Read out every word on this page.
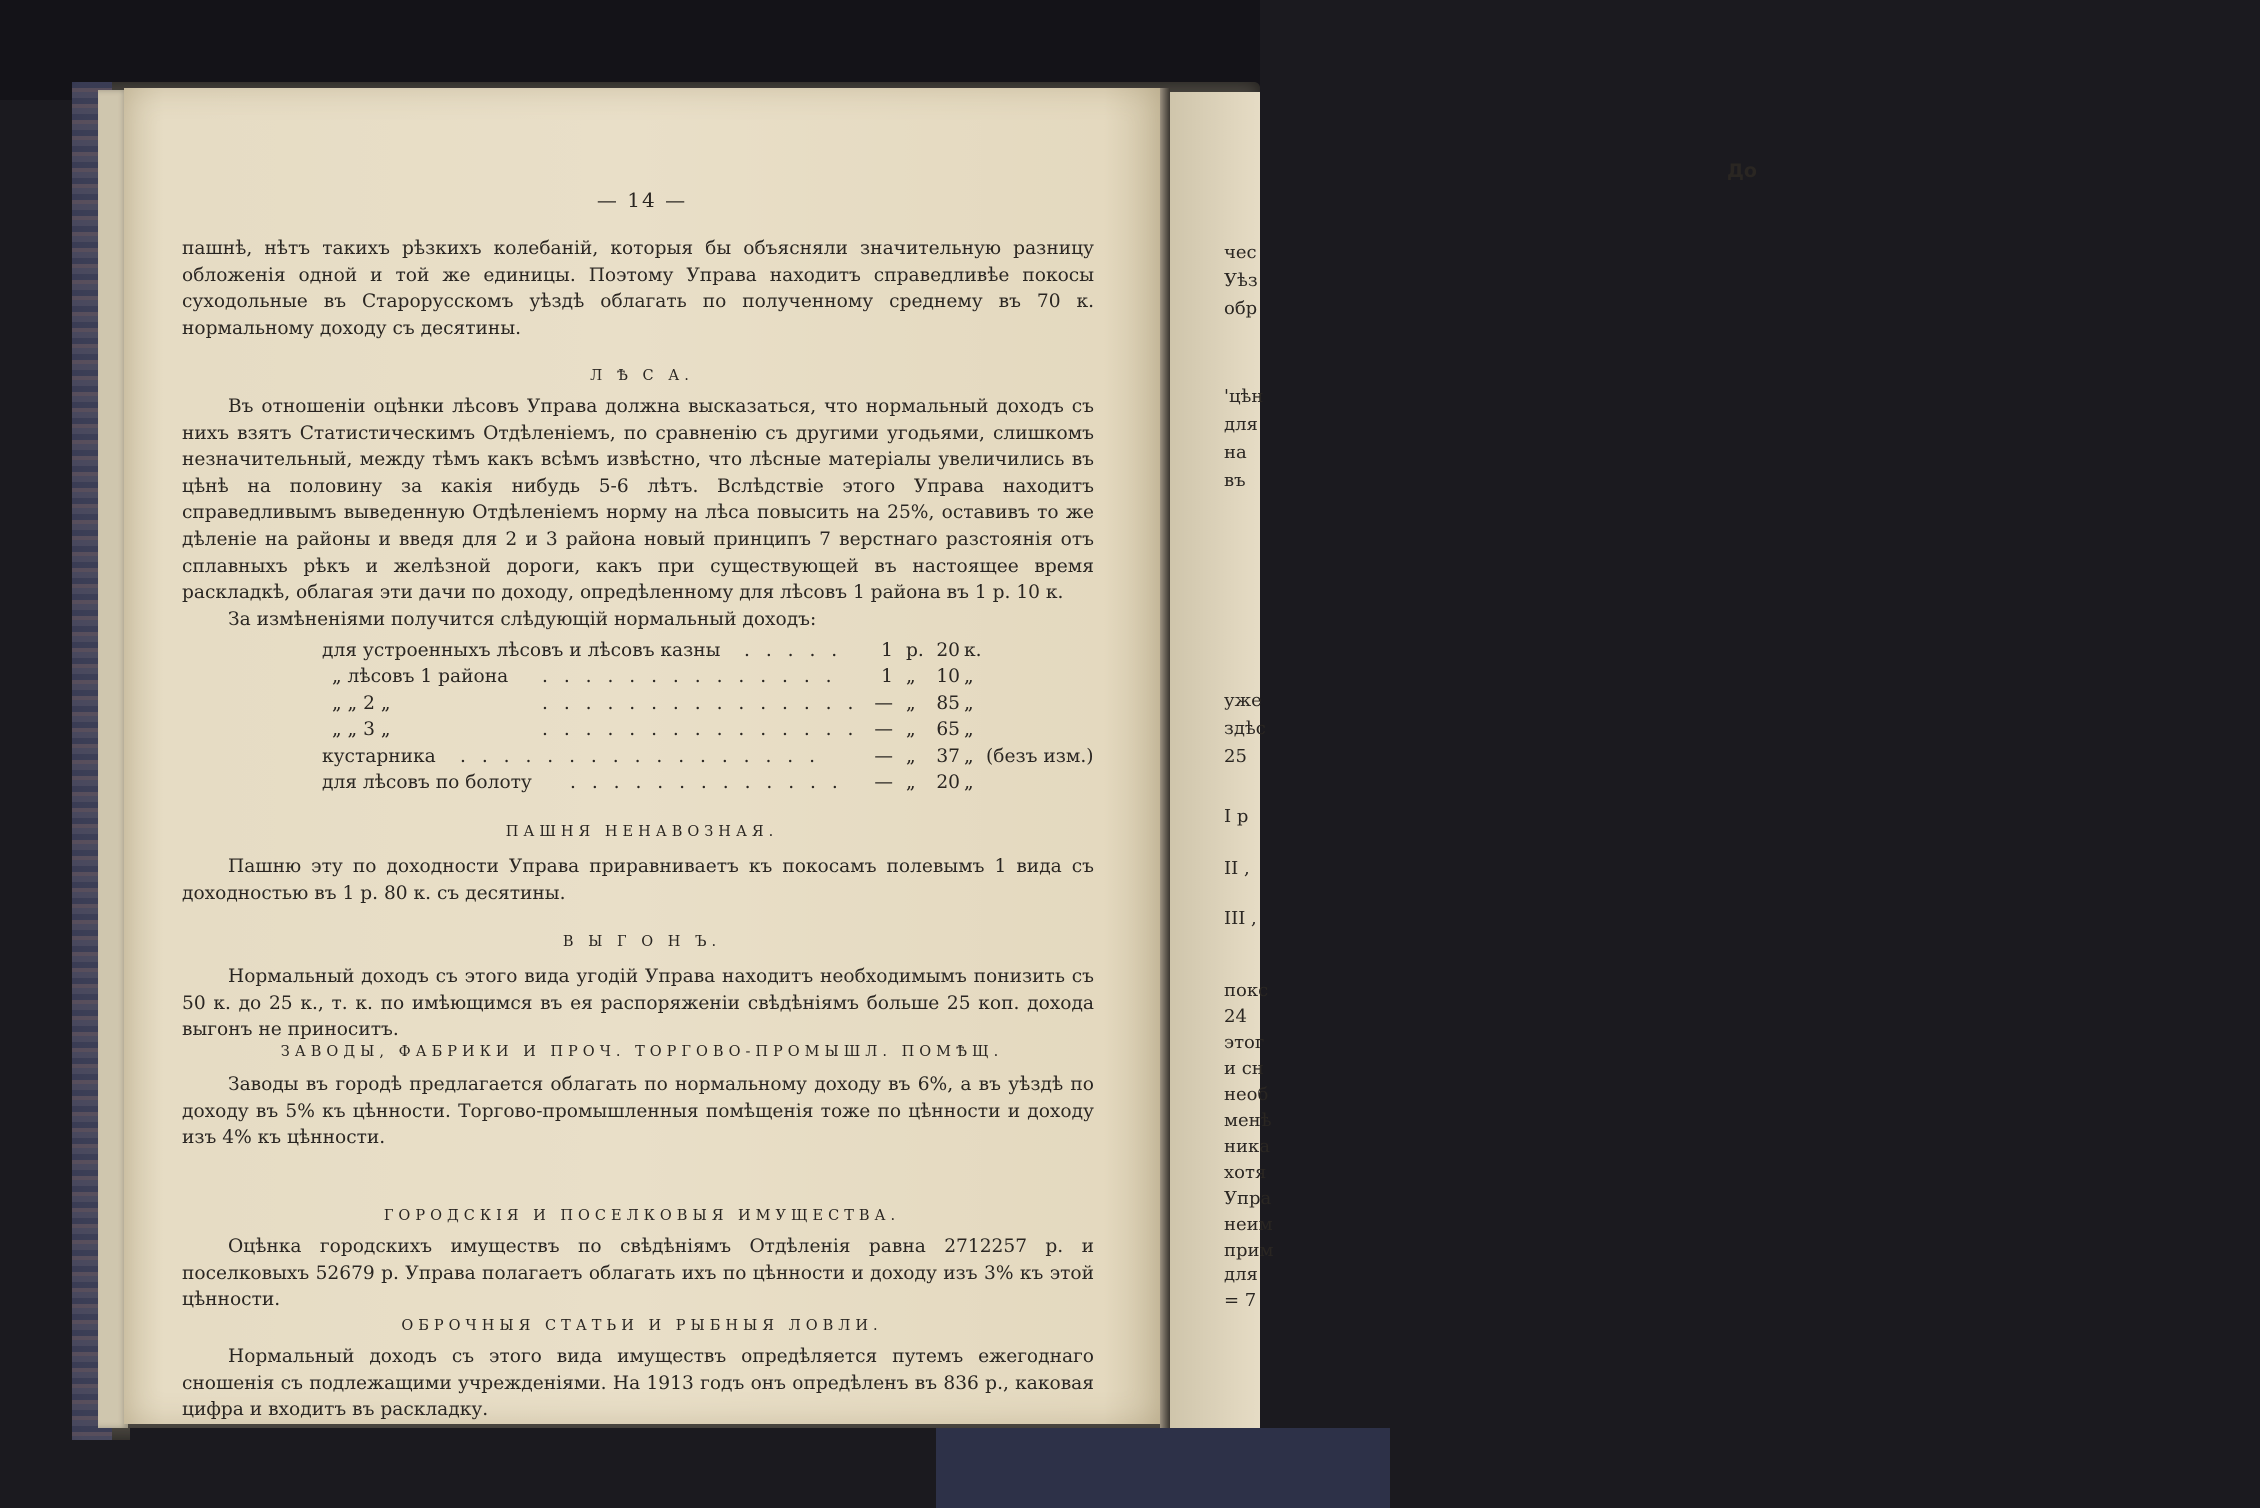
— 14 —

пашнѣ, нѣтъ такихъ рѣзкихъ колебаній, которыя бы объясняли значительную разницу обложенія одной и той же единицы. Поэтому Управа находитъ справедливѣе покосы суходольные въ Старорусскомъ уѣздѣ облагать по полученному среднему въ 70 к. нормальному доходу съ десятины.

Л Ѣ С А.

Въ отношеніи оцѣнки лѣсовъ Управа должна высказаться, что нормальный доходъ съ нихъ взятъ Статистическимъ Отдѣленіемъ, по сравненію съ другими угодьями, слишкомъ незначительный, между тѣмъ какъ всѣмъ извѣстно, что лѣсные матеріалы увеличились въ цѣнѣ на половину за какія нибудь 5-6 лѣтъ. Вслѣдствіе этого Управа находитъ справедливымъ выведенную Отдѣленіемъ норму на лѣса повысить на 25%, оставивъ то же дѣленіе на районы и введя для 2 и 3 района новый принципъ 7 верстнаго разстоянія отъ сплавныхъ рѣкъ и желѣзной дороги, какъ при существующей въ настоящее время раскладкѣ, облагая эти дачи по доходу, опредѣленному для лѣсовъ 1 района въ 1 р. 10 к.

За измѣненіями получится слѣдующій нормальный доходъ:

для устроенныхъ лѣсовъ и лѣсовъ казны . . . . .	1 р. 20 к.
„ лѣсовъ 1 района . . . . . . . . . . . . . .	1 „	10 „
„ „ 2 „	. . . . . . . . . . . . . . . — „	85 „
„ „ 3 „	. . . . . . . . . . . . . . . — „	65 „
кустарника . . . . . . . . . . . . . . . . .	— „	37 „ (безъ изм.)
для лѣсовъ по болоту . . . . . . . . . . . . .	— „	20 „
ПАШНЯ НЕНАВОЗНАЯ.

Пашню эту по доходности Управа приравниваетъ къ покосамъ полевымъ 1 вида съ доходностью въ 1 р. 80 к. съ десятины.

В Ы Г О Н Ъ.

Нормальный доходъ съ этого вида угодій Управа находитъ необходимымъ понизить съ 50 к. до 25 к., т. к. по имѣющимся въ ея распоряженіи свѣдѣніямъ больше 25 коп. дохода выгонъ не приноситъ.

ЗАВОДЫ, ФАБРИКИ И ПРОЧ. ТОРГОВО-ПРОМЫШЛ. ПОМѢЩ.

Заводы въ городѣ предлагается облагать по нормальному доходу въ 6%, а въ уѣздѣ по доходу въ 5% къ цѣнности. Торгово-промышленныя помѣщенія тоже по цѣнности и доходу изъ 4% къ цѣнности.

ГОРОДСКІЯ И ПОСЕЛКОВЫЯ ИМУЩЕСТВА.

Оцѣнка городскихъ имуществъ по свѣдѣніямъ Отдѣленія равна 2712257 р. и поселковыхъ 52679 р. Управа полагаетъ облагать ихъ по цѣнности и доходу изъ 3% къ этой цѣнности.

ОБРОЧНЫЯ СТАТЬИ И РЫБНЫЯ ЛОВЛИ.

Нормальный доходъ съ этого вида имуществъ опредѣляется путемъ ежегоднаго сношенія съ подлежащими учрежденіями. На 1913 годъ онъ опредѣленъ въ 836 р., каковая цифра и входитъ въ раскладку.

До
чес
Уѣз
обр
'цѣн
для
на
въ
уже
здѣс
25
І р
ІІ ,
ІІІ ,
покс
24
этог
и сн
необ
менѣ
ника
хотя
Упра
неим
прим
для
= 7
